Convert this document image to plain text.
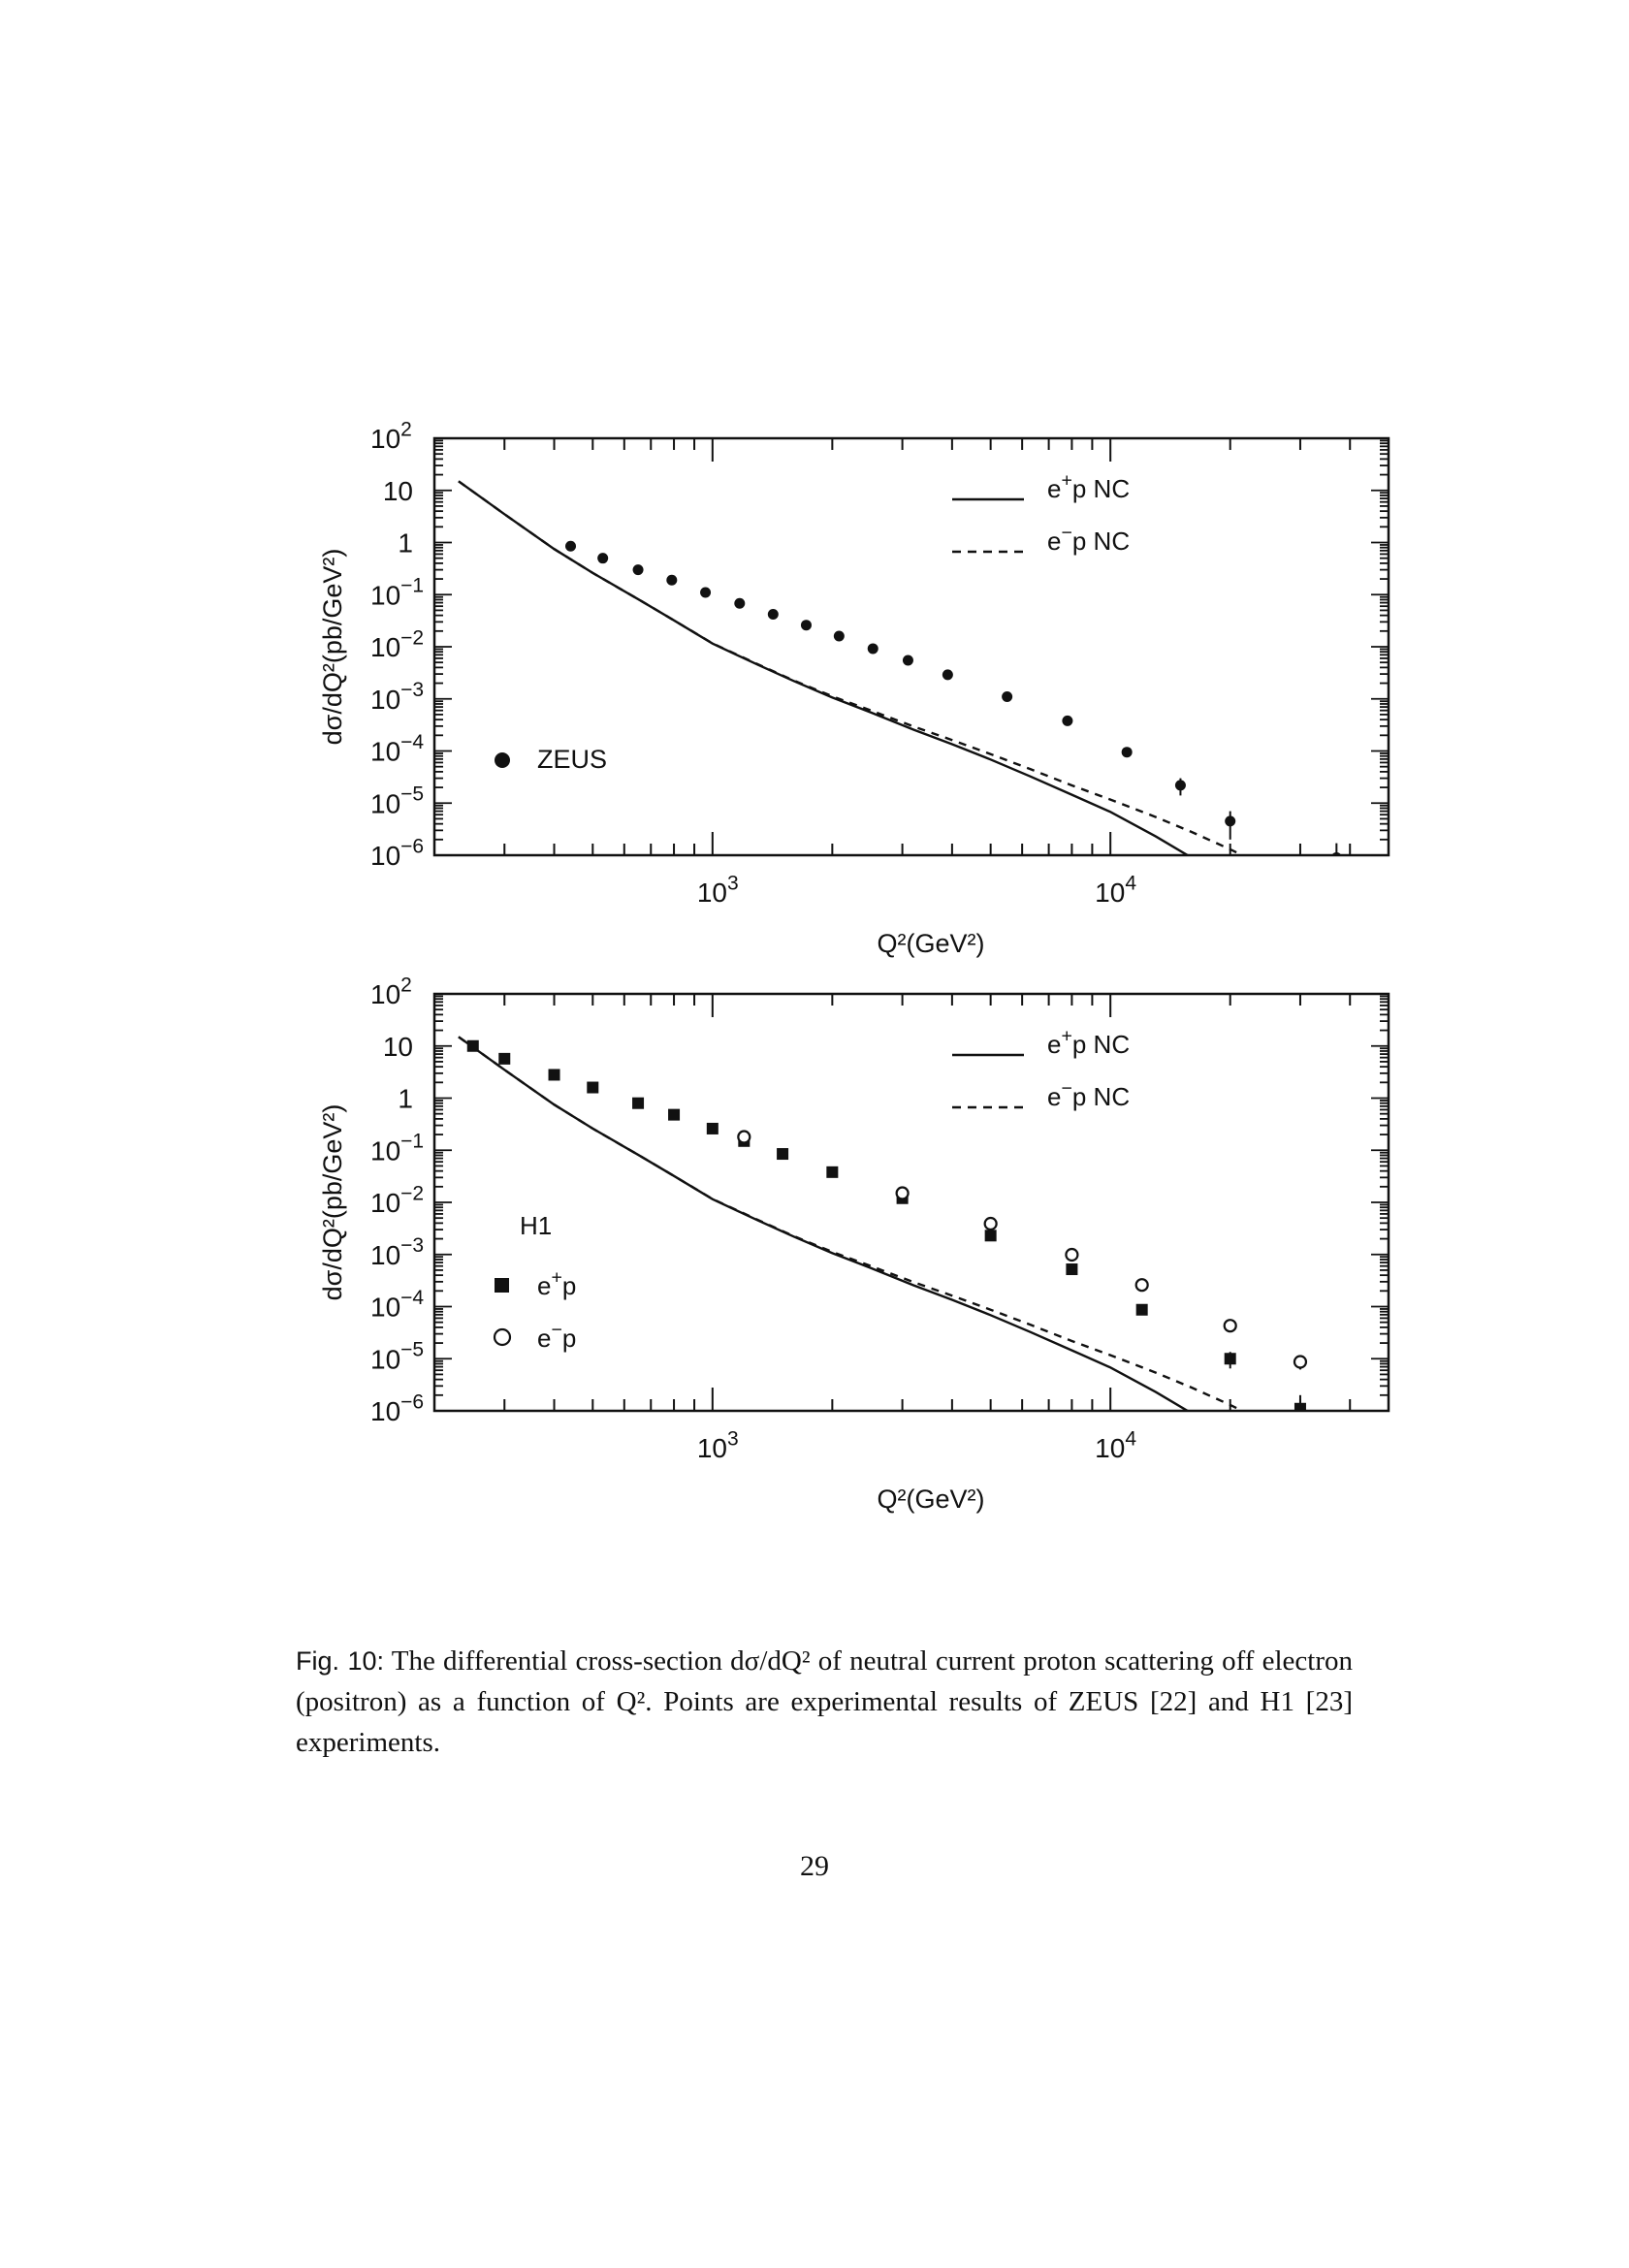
$10^2$
10
1
$10^{-1}$
$10^{-2}$
$10^{-3}$
$10^{-4}$
$10^{-5}$
$10^{-6}$
$10^3$	$10^4$
Q²(GeV²)
dσ/dQ²(pb/GeV²)
e+p NC
e−p NC
ZEUS
$10^2$
10
1
$10^{-1}$
$10^{-2}$
$10^{-3}$
$10^{-4}$
$10^{-5}$
$10^{-6}$
$10^3$	$10^4$
Q²(GeV²)
dσ/dQ²(pb/GeV²)
e+p NC
e−p NC
H1
e+p
e−p
Fig. 10: The differential cross-section dσ/dQ² of neutral current proton scattering off electron (positron) as a function of Q². Points are experimental results of ZEUS [22] and H1 [23] experiments.
29
